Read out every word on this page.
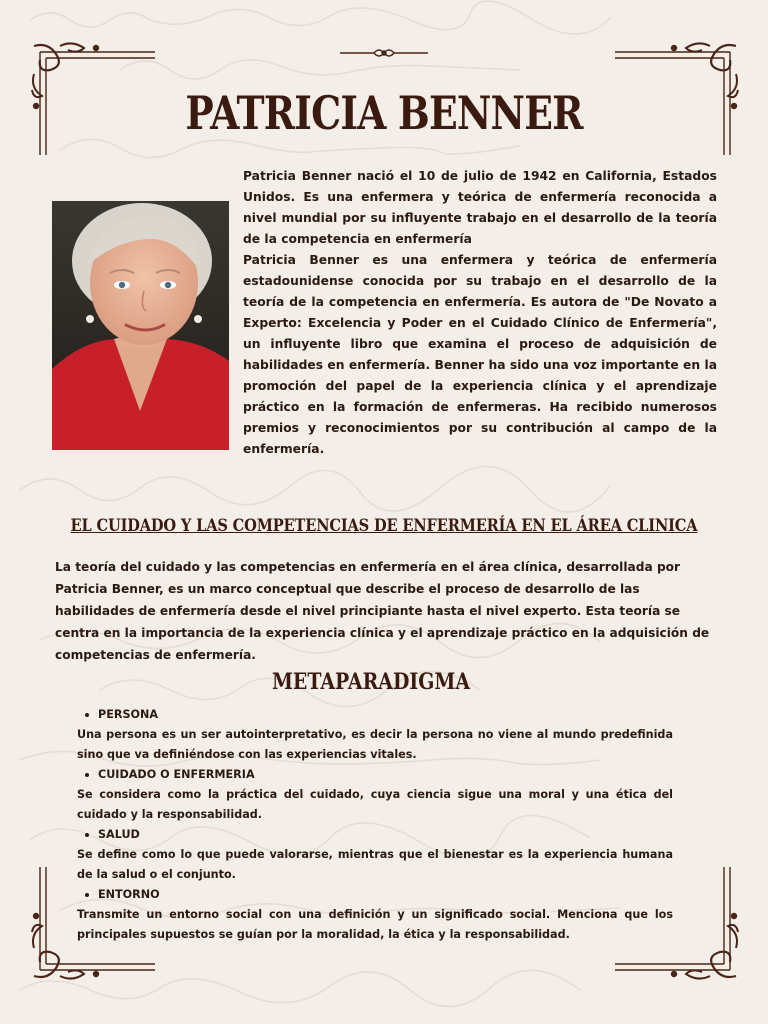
PATRICIA BENNER

Patricia Benner nació el 10 de julio de 1942 en California, Estados Unidos. Es una enfermera y teórica de enfermería reconocida a nivel mundial por su influyente trabajo en el desarrollo de la teoría de la competencia en enfermería

Patricia Benner es una enfermera y teórica de enfermería estadounidense conocida por su trabajo en el desarrollo de la teoría de la competencia en enfermería. Es autora de "De Novato a Experto: Excelencia y Poder en el Cuidado Clínico de Enfermería", un influyente libro que examina el proceso de adquisición de habilidades en enfermería. Benner ha sido una voz importante en la promoción del papel de la experiencia clínica y el aprendizaje práctico en la formación de enfermeras. Ha recibido numerosos premios y reconocimientos por su contribución al campo de la enfermería.

EL CUIDADO Y LAS COMPETENCIAS DE ENFERMERÍA EN EL ÁREA CLINICA
La teoría del cuidado y las competencias en enfermería en el área clínica, desarrollada por Patricia Benner, es un marco conceptual que describe el proceso de desarrollo de las habilidades de enfermería desde el nivel principiante hasta el nivel experto. Esta teoría se centra en la importancia de la experiencia clínica y el aprendizaje práctico en la adquisición de competencias de enfermería.
METAPARADIGMA
PERSONA
Una persona es un ser autointerpretativo, es decir la persona no viene al mundo predefinida sino que va definiéndose con las experiencias vitales.
CUIDADO O ENFERMERIA
Se considera como la práctica del cuidado, cuya ciencia sigue una moral y una ética del cuidado y la responsabilidad.
SALUD
Se define como lo que puede valorarse, mientras que el bienestar es la experiencia humana de la salud o el conjunto.
ENTORNO
Transmite un entorno social con una definición y un significado social. Menciona que los principales supuestos se guían por la moralidad, la ética y la responsabilidad.
